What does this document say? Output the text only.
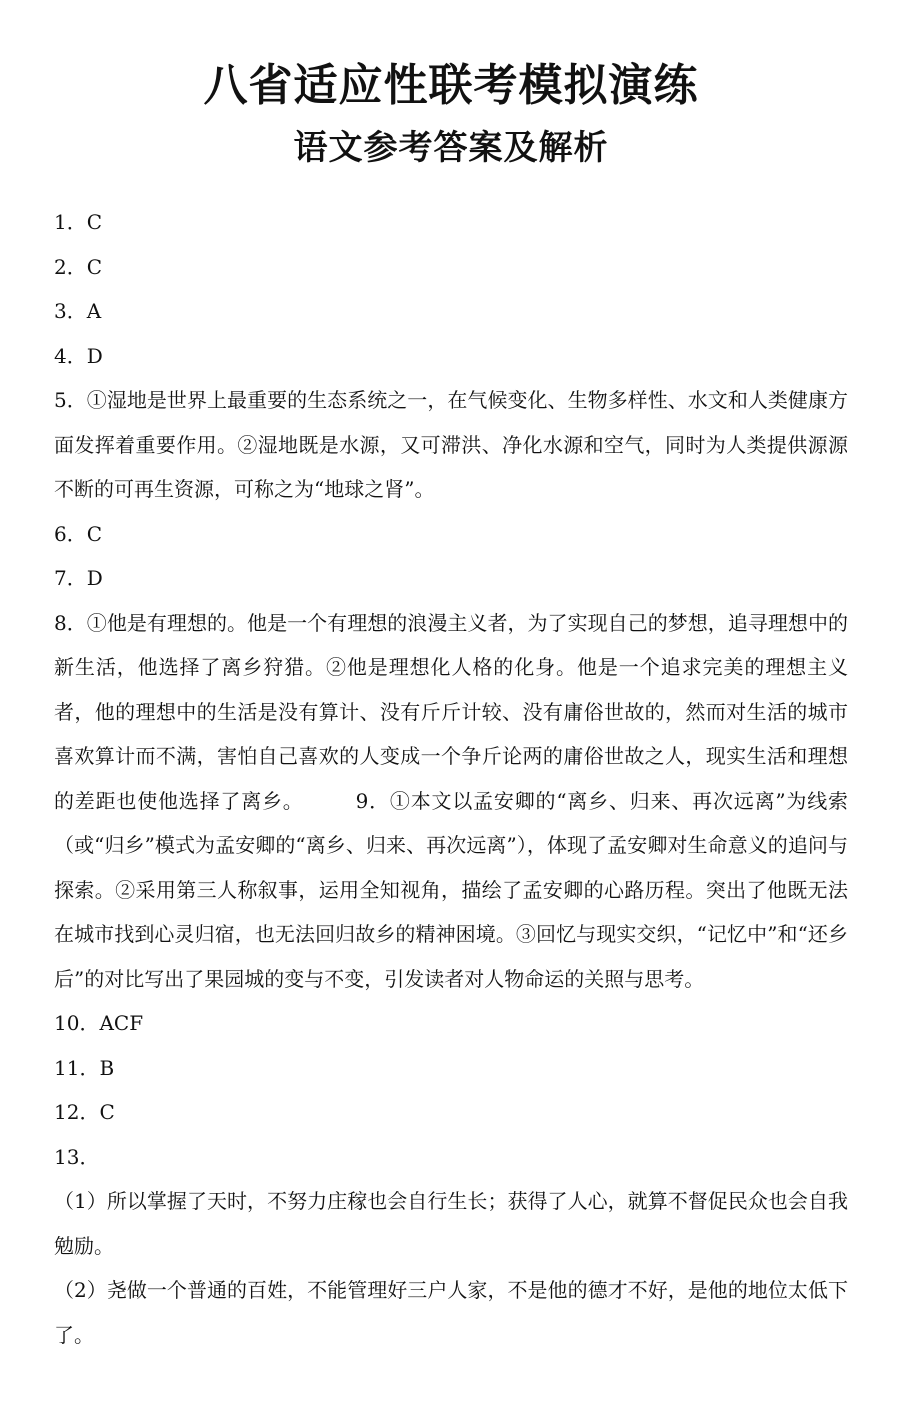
八省适应性联考模拟演练
语文参考答案及解析

1．C

2．C

3．A

4．D

5．①湿地是世界上最重要的生态系统之一，在气候变化、生物多样性、水文和人类健康方面发挥着重要作用。②湿地既是水源，又可滞洪、净化水源和空气，同时为人类提供源源不断的可再生资源，可称之为“地球之肾”。

6．C

7．D

8．①他是有理想的。他是一个有理想的浪漫主义者，为了实现自己的梦想，追寻理想中的新生活，他选择了离乡狩猎。②他是理想化人格的化身。他是一个追求完美的理想主义者，他的理想中的生活是没有算计、没有斤斤计较、没有庸俗世故的，然而对生活的城市喜欢算计而不满，害怕自己喜欢的人变成一个争斤论两的庸俗世故之人，现实生活和理想的差距也使他选择了离乡。	9．①本文以孟安卿的“离乡、归来、再次远离”为线索（或“归乡”模式为孟安卿的“离乡、归来、再次远离”），体现了孟安卿对生命意义的追问与探索。②采用第三人称叙事，运用全知视角，描绘了孟安卿的心路历程。突出了他既无法在城市找到心灵归宿，也无法回归故乡的精神困境。③回忆与现实交织，“记忆中”和“还乡后”的对比写出了果园城的变与不变，引发读者对人物命运的关照与思考。

10．ACF

11．B

12．C

13．

（1）所以掌握了天时，不努力庄稼也会自行生长；获得了人心，就算不督促民众也会自我勉励。

（2）尧做一个普通的百姓，不能管理好三户人家，不是他的德才不好，是他的地位太低下了。
